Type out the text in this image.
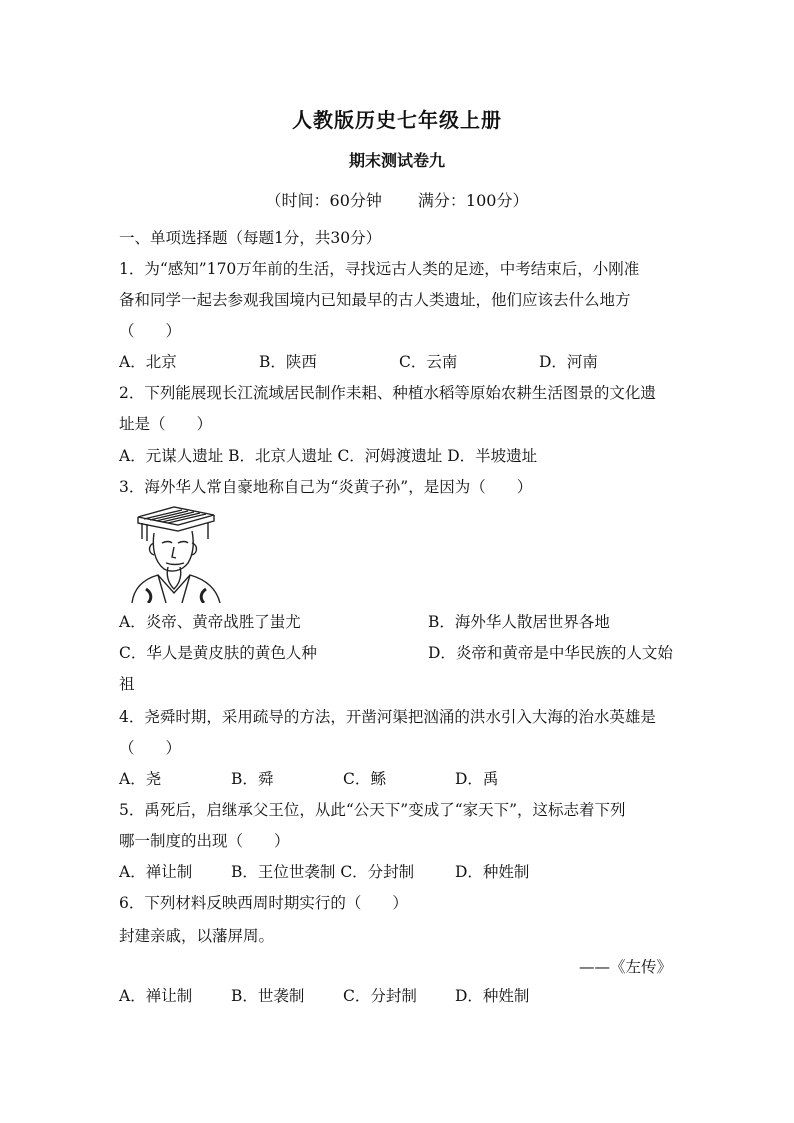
人教版历史七年级上册
期末测试卷九
（时间：60分钟 满分：100分）
一、单项选择题（每题1分，共30分）
1．为“感知”170万年前的生活，寻找远古人类的足迹，中考结束后，小刚准
备和同学一起去参观我国境内已知最早的古人类遗址，他们应该去什么地方
（　　）
A．北京	B．陕西	C．云南	D．河南
2．下列能展现长江流域居民制作耒耜、种植水稻等原始农耕生活图景的文化遗
址是（　　）
A．元谋人遗址 B．北京人遗址 C．河姆渡遗址 D．半坡遗址
3．海外华人常自豪地称自己为“炎黄子孙”，是因为（　　）
A．炎帝、黄帝战胜了蚩尤	B．海外华人散居世界各地
C．华人是黄皮肤的黄色人种	D．炎帝和黄帝是中华民族的人文始
祖
4．尧舜时期，采用疏导的方法，开凿河渠把汹涌的洪水引入大海的治水英雄是
（　　）
A．尧	B．舜	C．鲧	D．禹
5．禹死后，启继承父王位，从此“公天下”变成了“家天下”，这标志着下列
哪一制度的出现（　　）
A．禅让制	B．王位世袭制 C．分封制	D．种姓制
6．下列材料反映西周时期实行的（　　）
封建亲戚，以藩屏周。
——《左传》
A．禅让制	B．世袭制 C．分封制 D．种姓制
